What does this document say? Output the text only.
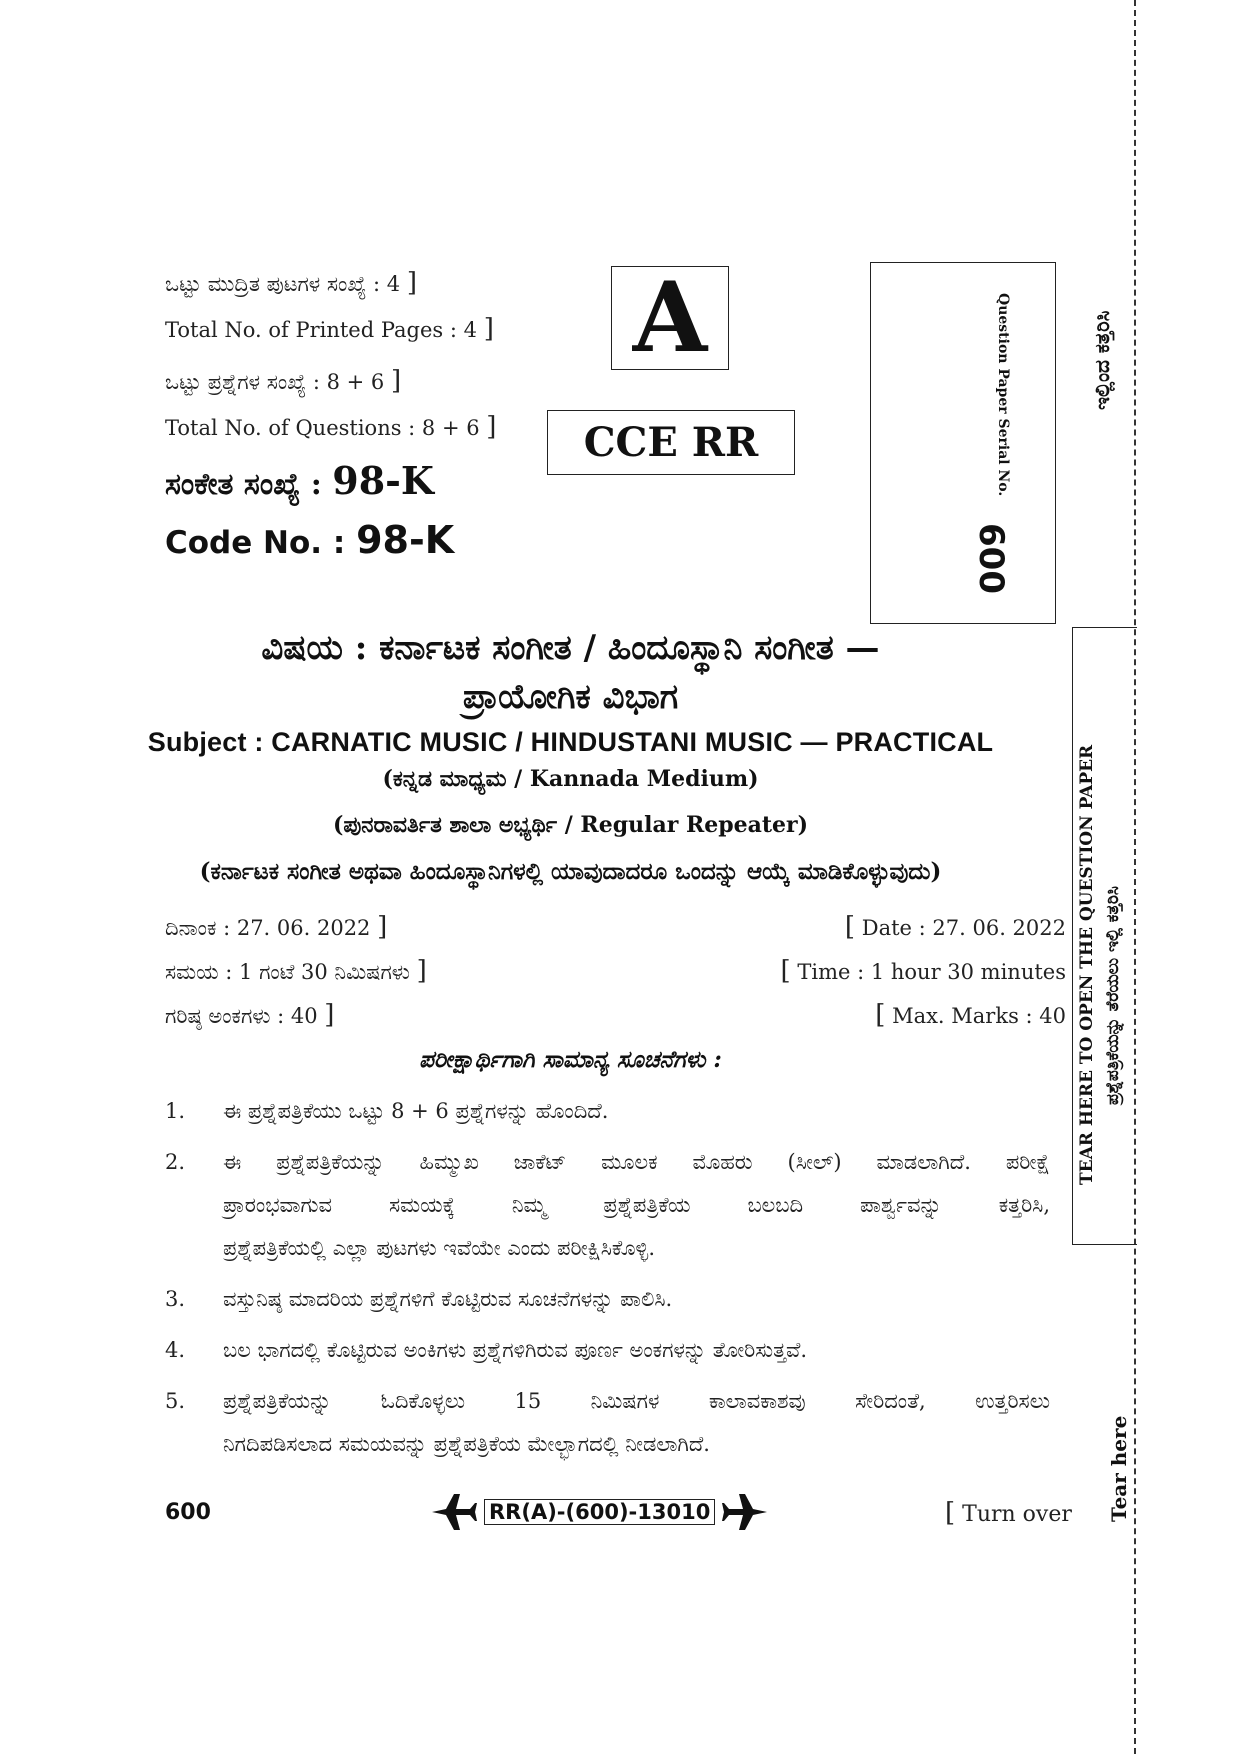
ಒಟ್ಟು ಮುದ್ರಿತ ಪುಟಗಳ ಸಂಖ್ಯೆ : 4 ]
Total No. of Printed Pages : 4 ]
ಒಟ್ಟು ಪ್ರಶ್ನೆಗಳ ಸಂಖ್ಯೆ : 8 + 6 ]
Total No. of Questions : 8 + 6 ]
ಸಂಕೇತ ಸಂಖ್ಯೆ : 98-K
Code No. : 98-K
A
CCE RR	Question Paper Serial No.
600
ಇಲ್ಲಿಂದ ಕತ್ತರಿಸಿ
TEAR HERE TO OPEN THE QUESTION PAPER ಪ್ರಶ್ನೆಪತ್ರಿಕೆಯನ್ನು ತೆರೆಯಲು ಇಲ್ಲಿ ಕತ್ತರಿಸಿ
Tear here
ವಿಷಯ : ಕರ್ನಾಟಕ ಸಂಗೀತ / ಹಿಂದೂಸ್ಥಾನಿ ಸಂಗೀತ —
ಪ್ರಾಯೋಗಿಕ ವಿಭಾಗ
Subject : CARNATIC MUSIC / HINDUSTANI MUSIC — PRACTICAL
(ಕನ್ನಡ ಮಾಧ್ಯಮ / Kannada Medium)
(ಪುನರಾವರ್ತಿತ ಶಾಲಾ ಅಭ್ಯರ್ಥಿ / Regular Repeater)
(ಕರ್ನಾಟಕ ಸಂಗೀತ ಅಥವಾ ಹಿಂದೂಸ್ಥಾನಿಗಳಲ್ಲಿ ಯಾವುದಾದರೂ ಒಂದನ್ನು ಆಯ್ಕೆ ಮಾಡಿಕೊಳ್ಳುವುದು)
ದಿನಾಂಕ : 27. 06. 2022 ]	[ Date : 27. 06. 2022
ಸಮಯ : 1 ಗಂಟೆ 30 ನಿಮಿಷಗಳು ]	[ Time : 1 hour 30 minutes
ಗರಿಷ್ಠ ಅಂಕಗಳು : 40 ]	[ Max. Marks : 40
ಪರೀಕ್ಷಾರ್ಥಿಗಾಗಿ ಸಾಮಾನ್ಯ ಸೂಚನೆಗಳು :
1.	ಈ ಪ್ರಶ್ನೆಪತ್ರಿಕೆಯು ಒಟ್ಟು 8 + 6 ಪ್ರಶ್ನೆಗಳನ್ನು ಹೊಂದಿದೆ.
2.	ಈ ಪ್ರಶ್ನೆಪತ್ರಿಕೆಯನ್ನು ಹಿಮ್ಮುಖ ಜಾಕೆಟ್ ಮೂಲಕ ಮೊಹರು (ಸೀಲ್) ಮಾಡಲಾಗಿದೆ. ಪರೀಕ್ಷೆ
ಪ್ರಾರಂಭವಾಗುವ ಸಮಯಕ್ಕೆ ನಿಮ್ಮ ಪ್ರಶ್ನೆಪತ್ರಿಕೆಯ ಬಲಬದಿ ಪಾರ್ಶ್ವವನ್ನು ಕತ್ತರಿಸಿ,
ಪ್ರಶ್ನೆಪತ್ರಿಕೆಯಲ್ಲಿ ಎಲ್ಲಾ ಪುಟಗಳು ಇವೆಯೇ ಎಂದು ಪರೀಕ್ಷಿಸಿಕೊಳ್ಳಿ.
3.	ವಸ್ತುನಿಷ್ಠ ಮಾದರಿಯ ಪ್ರಶ್ನೆಗಳಿಗೆ ಕೊಟ್ಟಿರುವ ಸೂಚನೆಗಳನ್ನು ಪಾಲಿಸಿ.
4.	ಬಲ ಭಾಗದಲ್ಲಿ ಕೊಟ್ಟಿರುವ ಅಂಕಿಗಳು ಪ್ರಶ್ನೆಗಳಿಗಿರುವ ಪೂರ್ಣ ಅಂಕಗಳನ್ನು ತೋರಿಸುತ್ತವೆ.
5.	ಪ್ರಶ್ನೆಪತ್ರಿಕೆಯನ್ನು ಓದಿಕೊಳ್ಳಲು 15 ನಿಮಿಷಗಳ ಕಾಲಾವಕಾಶವು ಸೇರಿದಂತೆ, ಉತ್ತರಿಸಲು
ನಿಗದಿಪಡಿಸಲಾದ ಸಮಯವನ್ನು ಪ್ರಶ್ನೆಪತ್ರಿಕೆಯ ಮೇಲ್ಭಾಗದಲ್ಲಿ ನೀಡಲಾಗಿದೆ.
600	RR(A)-(600)-13010	[ Turn over
